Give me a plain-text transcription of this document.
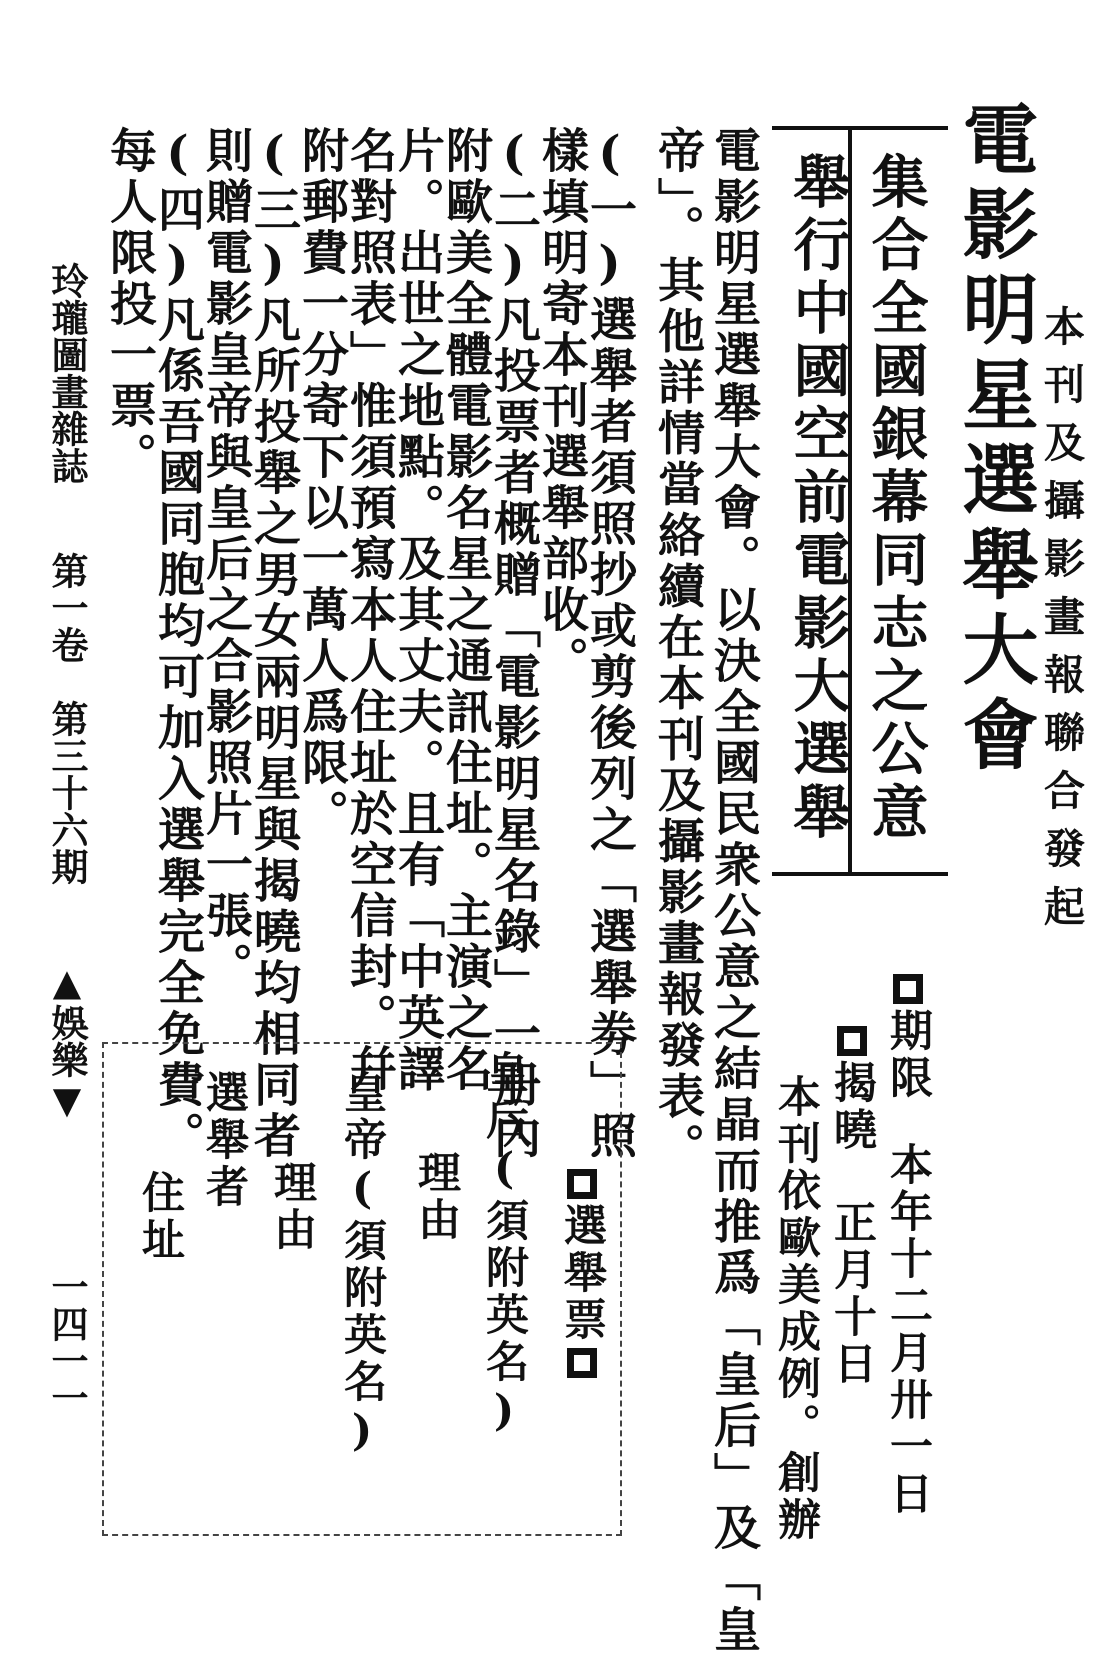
本刊及攝影畫報聯合發起
電影明星選舉大會
集合全國銀幕同志之公意
舉行中國空前電影大選舉
期限本年十二月卅一日
揭曉正月十日
本刊依歐美成例。創辦
電影明星選舉大會。以決全國民衆公意之結晶而推爲「皇后」及「皇
帝」。其他詳情當絡續在本刊及攝影畫報發表。
(一)選舉者須照抄或剪後列之「選舉劵」照
樣填明寄本刊選舉部收。
(二)凡投票者概贈「電影明星名錄」一册內
附歐美全體電影名星之通訊住址。主演之名
片。出世之地點。及其丈夫。且有「中英譯
名對照表」惟須預寫本人住址於空信封。幷
附郵費一分寄下以一萬人爲限。
(三)凡所投舉之男女兩明星與揭曉均相同者
則贈電影皇帝與皇后之合影照片一張。
(四)凡係吾國同胞均可加入選舉完全免費。
每人限投一票。
玲瓏圖畫雜誌
第一卷
第三十六期
▲娛樂▼
一四一一	選舉票
皇后(須附英名)
理由
皇帝(須附英名)
理由
選舉者
住址
